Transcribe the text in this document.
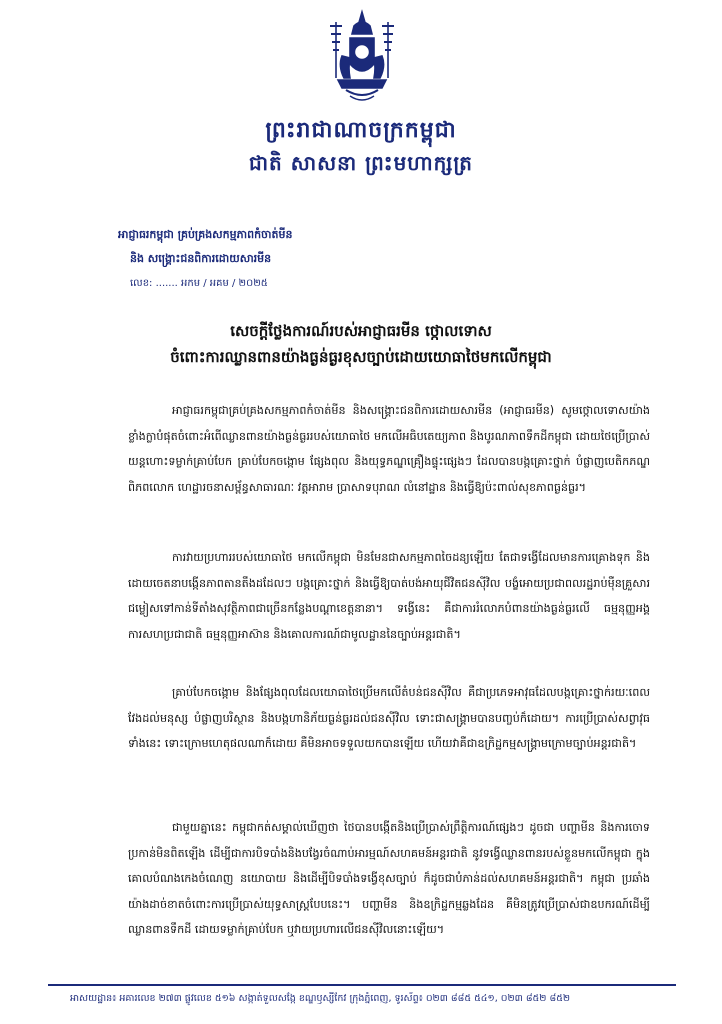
ព្រះរាជាណាចក្រកម្ពុជា
ជាតិ សាសនា ព្រះមហាក្សត្រ
អាជ្ញាធរកម្ពុជា គ្រប់គ្រងសកម្មភាពកំចាត់មីន
និង សង្គ្រោះជនពិការដោយសារមីន
លេខ: ....... អកម / អគម / ២០២៥
សេចក្តីថ្លែងការណ៍របស់អាជ្ញាធរមីន ថ្កោលទោស
ចំពោះការឈ្លានពានយ៉ាងធ្ងន់ធ្ងរខុសច្បាប់ដោយយោធាថៃមកលើកម្ពុជា
អាជ្ញាធរកម្ពុជាគ្រប់គ្រងសកម្មភាពកំចាត់មីន និងសង្គ្រោះជនពិការដោយសារមីន (អាជ្ញាធរមីន) សូមថ្កោលទោសយ៉ាងខ្លាំងក្លាបំផុតចំពោះអំពើឈ្លានពានយ៉ាងធ្ងន់ធ្ងររបស់យោធាថៃ មកលើអធិបតេយ្យភាព និងបូរណភាពទឹកដីកម្ពុជា ដោយថៃប្រើប្រាស់យន្តហោះទម្លាក់គ្រាប់បែក គ្រាប់បែកចង្កោម ផ្សែងពុល និងយុទ្ធភណ្ឌគ្រឿងផ្ទុះផ្សេងៗ ដែលបានបង្កគ្រោះថ្នាក់ បំផ្លាញបេតិកភណ្ឌពិភពលោក ហេដ្ឋារចនាសម្ព័ន្ធសាធារណៈ វត្តអារាម ប្រាសាទបុរាណ លំនៅដ្ឋាន និងធ្វើឱ្យប៉ះពាល់សុខភាពធ្ងន់ធ្ងរ។
ការវាយប្រហាររបស់យោធាថៃ មកលើកម្ពុជា មិនមែនជាសកម្មភាពចៃដន្យឡើយ តែជាទង្វើដែលមានការគ្រោងទុក និងដោយចេតនាបង្កើនភាពតានតឹងដដែលៗ បង្កគ្រោះថ្នាក់ និងធ្វើឱ្យបាត់បង់អាយុជីវិតជនស៊ីវិល បង្ខំអោយប្រជាពលរដ្ឋរាប់ម៉ឺនគ្រួសារជម្លៀសទៅកាន់ទីតាំងសុវត្ថិភាពជាច្រើនកន្លែងបណ្តាខេត្តនានា។ ទង្វើនេះ គឺជាការរំលោភបំពានយ៉ាងធ្ងន់ធ្ងរលើ ធម្មនុញ្ញអង្គការសហប្រជាជាតិ ធម្មនុញ្ញអាស៊ាន និងគោលការណ៍ជាមូលដ្ឋាននៃច្បាប់អន្តរជាតិ។
គ្រាប់បែកចង្កោម និងផ្សែងពុលដែលយោធាថៃប្រើមកលើតំបន់ជនស៊ីវិល គឺជាប្រភេទអាវុធដែលបង្កគ្រោះថ្នាក់រយៈពេលវែងដល់មនុស្ស បំផ្លាញបរិស្ថាន និងបង្កហានិភ័យធ្ងន់ធ្ងរដល់ជនស៊ីវិល ទោះជាសង្គ្រាមបានបញ្ចប់ក៏ដោយ។ ការប្រើប្រាស់សព្វាវុធទាំងនេះ ទោះក្រោមហេតុផលណាក៏ដោយ គឺមិនអាចទទួលយកបានឡើយ ហើយវាគឺជាឧក្រិដ្ឋកម្មសង្គ្រាមក្រោមច្បាប់អន្តរជាតិ។
ជាមួយគ្នានេះ កម្ពុជាកត់សម្គាល់ឃើញថា ថៃបានបង្កើតនិងប្រើប្រាស់ព្រឹត្តិការណ៍ផ្សេងៗ ដូចជា បញ្ហាមីន និងការចោទប្រកាន់មិនពិតឡើង ដើម្បីជាការបិទបាំងនិងបង្វែរចំណាប់អារម្មណ៍សហគមន៍អន្តរជាតិ នូវទង្វើឈ្លានពានរបស់ខ្លួនមកលើកម្ពុជា ក្នុងគោលបំណងកេងចំណេញ នយោបាយ និងដើម្បីបិទបាំងទង្វើខុសច្បាប់ ក៏ដូចជាបំភាន់ដល់សហគមន៍អន្តរជាតិ។ កម្ពុជា ប្រឆាំងយ៉ាងដាច់ខាតចំពោះការប្រើប្រាស់យុទ្ធសាស្ត្របែបនេះ។ បញ្ហាមីន និងឧក្រិដ្ឋកម្មឆ្លងដែន គឺមិនត្រូវប្រើប្រាស់ជាឧបករណ៍ដើម្បីឈ្លានពានទឹកដី ដោយទម្លាក់គ្រាប់បែក ឬវាយប្រហារលើជនស៊ីវិលនោះឡើយ។
អាសយដ្ឋាន៖ អគារលេខ ២៧៣ ផ្លូវលេខ ៥១៦ សង្កាត់ទួលសង្កែ ខណ្ឌឫស្សីកែវ ក្រុងភ្នំពេញ, ទូរស័ព្ទ៖ ០២៣ ៨៨៥ ៥៤១, ០២៣ ៨៥២ ៨៥២
